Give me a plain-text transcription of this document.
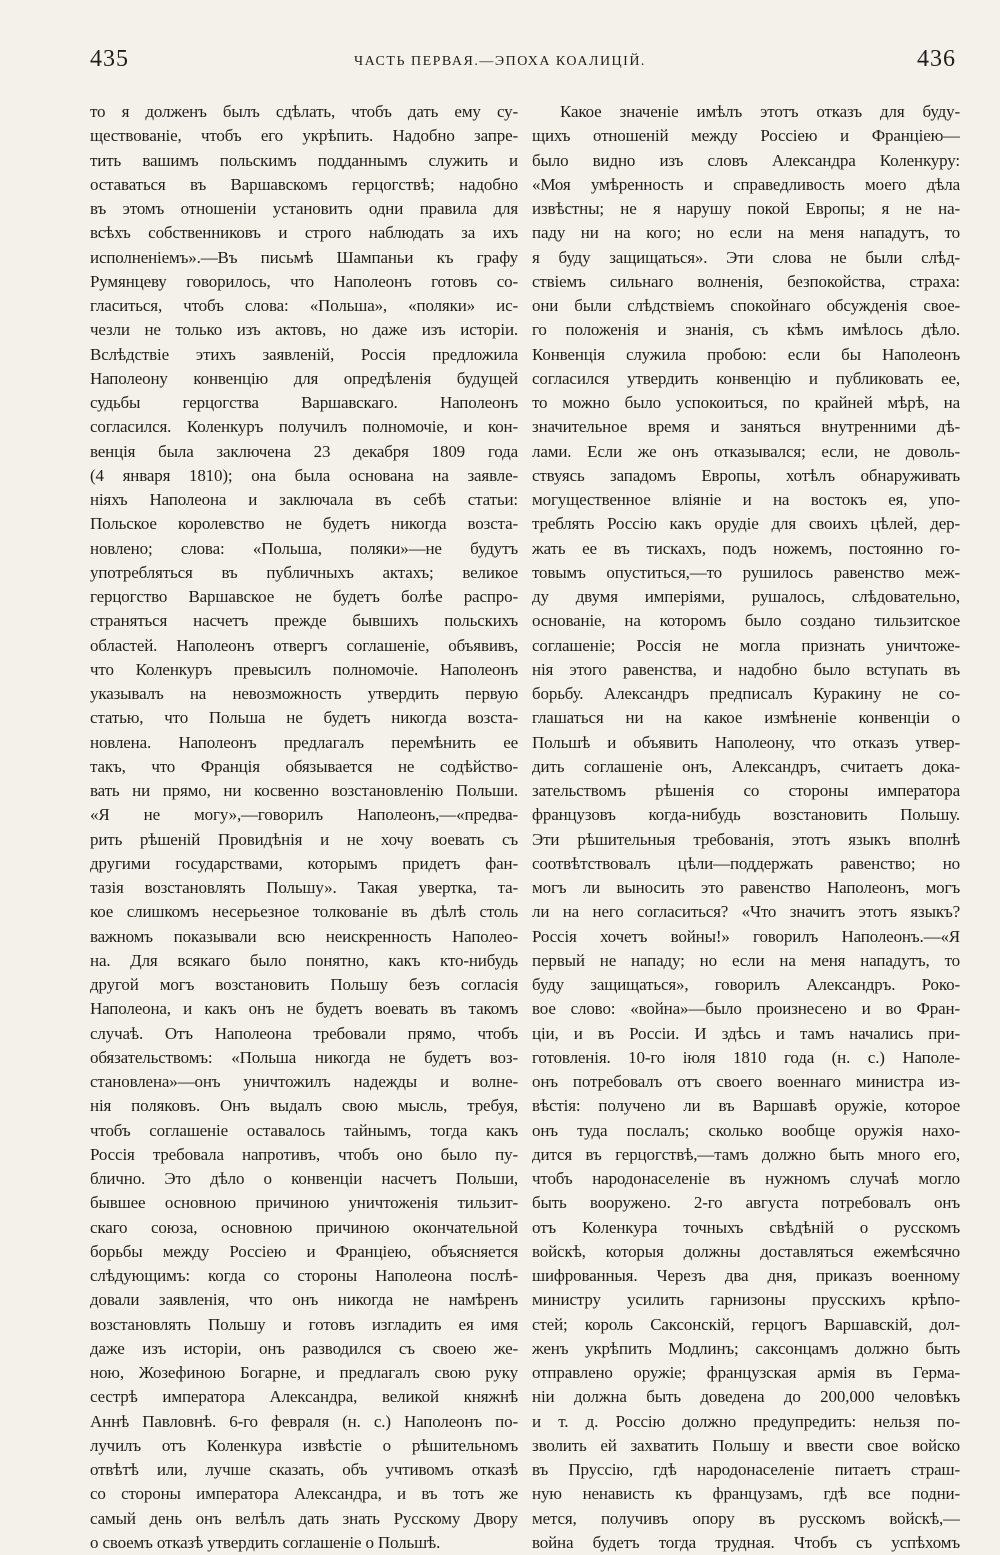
435	ЧАСТЬ ПЕРВАЯ.—ЭПОХА КОАЛИЦІЙ.	436
то я долженъ былъ сдѣлать, чтобъ дать ему су-
ществованіе, чтобъ его укрѣпить. Надобно запре-
тить вашимъ польскимъ подданнымъ служить и
оставаться въ Варшавскомъ герцогствѣ; надобно
въ этомъ отношеніи установить одни правила для
всѣхъ собственниковъ и строго наблюдать за ихъ
исполненіемъ».—Въ письмѣ Шампаньи къ графу
Румянцеву говорилось, что Наполеонъ готовъ со-
гласиться, чтобъ слова: «Польша», «поляки» ис-
чезли не только изъ актовъ, но даже изъ исторіи.
Вслѣдствіе этихъ заявленій, Россія предложила
Наполеону конвенцію для опредѣленія будущей
судьбы герцогства Варшавскаго. Наполеонъ
согласился. Коленкуръ получилъ полномочіе, и кон-
венція была заключена 23 декабря 1809 года
(4 января 1810); она была основана на заявле-
ніяхъ Наполеона и заключала въ себѣ статьи:
Польское королевство не будетъ никогда возста-
новлено; слова: «Польша, поляки»—не будутъ
употребляться въ публичныхъ актахъ; великое
герцогство Варшавское не будетъ болѣе распро-
страняться насчетъ прежде бывшихъ польскихъ
областей. Наполеонъ отвергъ соглашеніе, объявивъ,
что Коленкуръ превысилъ полномочіе. Наполеонъ
указывалъ на невозможность утвердить первую
статью, что Польша не будетъ никогда возста-
новлена. Наполеонъ предлагалъ перемѣнить ее
такъ, что Франція обязывается не содѣйство-
вать ни прямо, ни косвенно возстановленію Польши.
«Я не могу»,—говорилъ Наполеонъ,—«предва-
рить рѣшеній Провидѣнія и не хочу воевать съ
другими государствами, которымъ придетъ фан-
тазія возстановлять Польшу». Такая увертка, та-
кое слишкомъ несерьезное толкованіе въ дѣлѣ столь
важномъ показывали всю неискренность Наполео-
на. Для всякаго было понятно, какъ кто-нибудь
другой могъ возстановить Польшу безъ согласія
Наполеона, и какъ онъ не будетъ воевать въ такомъ
случаѣ. Отъ Наполеона требовали прямо, чтобъ
обязательствомъ: «Польша никогда не будетъ воз-
становлена»—онъ уничтожилъ надежды и волне-
нія поляковъ. Онъ выдалъ свою мысль, требуя,
чтобъ соглашеніе оставалось тайнымъ, тогда какъ
Россія требовала напротивъ, чтобъ оно было пу-
блично. Это дѣло о конвенціи насчетъ Польши,
бывшее основною причиною уничтоженія тильзит-
скаго союза, основною причиною окончательной
борьбы между Россіею и Франціею, объясняется
слѣдующимъ: когда со стороны Наполеона послѣ-
довали заявленія, что онъ никогда не намѣренъ
возстановлять Польшу и готовъ изгладить ея имя
даже изъ исторіи, онъ разводился съ своею же-
ною, Жозефиною Богарне, и предлагалъ свою руку
сестрѣ императора Александра, великой княжнѣ
Аннѣ Павловнѣ. 6-го февраля (н. с.) Наполеонъ по-
лучилъ отъ Коленкура извѣстіе о рѣшительномъ
отвѣтѣ или, лучше сказать, объ учтивомъ отказѣ
со стороны императора Александра, и въ тотъ же
самый день онъ велѣлъ дать знать Русскому Двору
о своемъ отказѣ утвердить соглашеніе о Польшѣ.
Какое значеніе имѣлъ этотъ отказъ для буду-
щихъ отношеній между Россіею и Франціею—
было видно изъ словъ Александра Коленкуру:
«Моя умѣренность и справедливость моего дѣла
извѣстны; не я нарушу покой Европы; я не на-
паду ни на кого; но если на меня нападутъ, то
я буду защищаться». Эти слова не были слѣд-
ствіемъ сильнаго волненія, безпокойства, страха:
они были слѣдствіемъ спокойнаго обсужденія свое-
го положенія и знанія, съ кѣмъ имѣлось дѣло.
Конвенція служила пробою: если бы Наполеонъ
согласился утвердить конвенцію и публиковать ее,
то можно было успокоиться, по крайней мѣрѣ, на
значительное время и заняться внутренними дѣ-
лами. Если же онъ отказывался; если, не доволь-
ствуясь западомъ Европы, хотѣлъ обнаруживать
могущественное вліяніе и на востокъ ея, упо-
треблять Россію какъ орудіе для своихъ цѣлей, дер-
жать ее въ тискахъ, подъ ножемъ, постоянно го-
товымъ опуститься,—то рушилось равенство меж-
ду двумя имперіями, рушалось, слѣдовательно,
основаніе, на которомъ было создано тильзитское
соглашеніе; Россія не могла признать уничтоже-
нія этого равенства, и надобно было вступать въ
борьбу. Александръ предписалъ Куракину не со-
глашаться ни на какое измѣненіе конвенціи о
Польшѣ и объявить Наполеону, что отказъ утвер-
дить соглашеніе онъ, Александръ, считаетъ дока-
зательствомъ рѣшенія со стороны императора
французовъ когда-нибудь возстановить Польшу.
Эти рѣшительныя требованія, этотъ языкъ вполнѣ
соотвѣтствовалъ цѣли—поддержать равенство; но
могъ ли выносить это равенство Наполеонъ, могъ
ли на него согласиться? «Что значитъ этотъ языкъ?
Россія хочетъ войны!» говорилъ Наполеонъ.—«Я
первый не нападу; но если на меня нападутъ, то
буду защищаться», говорилъ Александръ. Роко-
вое слово: «война»—было произнесено и во Фран-
ціи, и въ Россіи. И здѣсь и тамъ начались при-
готовленія. 10-го іюля 1810 года (н. с.) Наполе-
онъ потребовалъ отъ своего военнаго министра из-
вѣстія: получено ли въ Варшавѣ оружіе, которое
онъ туда послалъ; сколько вообще оружія нахо-
дится въ герцогствѣ,—тамъ должно быть много его,
чтобъ народонаселеніе въ нужномъ случаѣ могло
быть вооружено. 2-го августа потребовалъ онъ
отъ Коленкура точныхъ свѣдѣній о русскомъ
войскѣ, которыя должны доставляться ежемѣсячно
шифрованныя. Черезъ два дня, приказъ военному
министру усилить гарнизоны прусскихъ крѣпо-
стей; король Саксонскій, герцогъ Варшавскій, дол-
женъ укрѣпить Модлинъ; саксонцамъ должно быть
отправлено оружіе; французская армія въ Герма-
ніи должна быть доведена до 200,000 человѣкъ
и т. д. Россію должно предупредить: нельзя по-
зволить ей захватить Польшу и ввести свое войско
въ Пруссію, гдѣ народонаселеніе питаетъ страш-
ную ненависть къ французамъ, гдѣ все подни-
мется, получивъ опору въ русскомъ войскѣ,—
война будетъ тогда трудная. Чтобъ съ успѣхомъ
